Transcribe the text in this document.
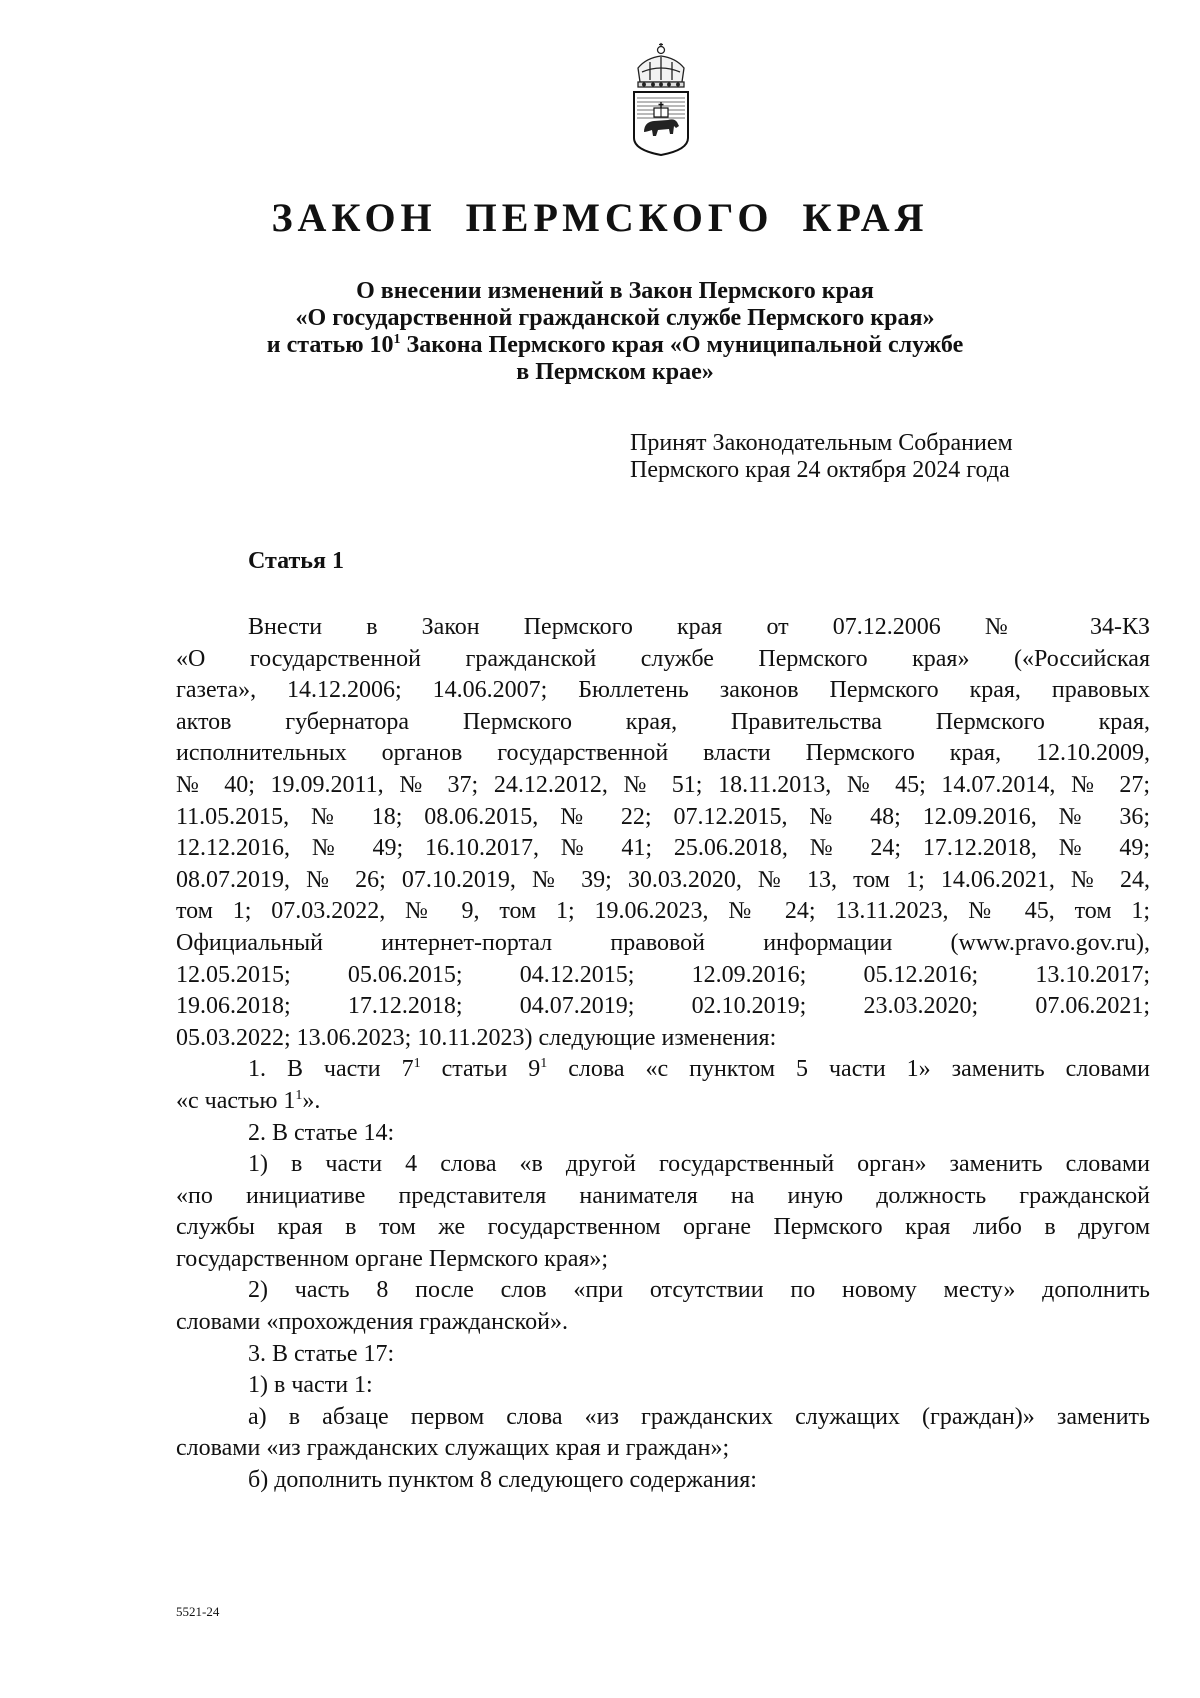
ЗАКОН ПЕРМСКОГО КРАЯ
О внесении изменений в Закон Пермского края
«О государственной гражданской службе Пермского края»
и статью $10^1$ Закона Пермского края «О муниципальной службе
в Пермском крае»
Принят Законодательным Собранием
Пермского края 24 октября 2024 года
Статья 1
Внести в Закон Пермского края от 07.12.2006 № 34-КЗ
«О государственной гражданской службе Пермского края» («Российская
газета», 14.12.2006; 14.06.2007; Бюллетень законов Пермского края, правовых
актов губернатора Пермского края, Правительства Пермского края,
исполнительных органов государственной власти Пермского края, 12.10.2009,
№ 40; 19.09.2011, № 37; 24.12.2012, № 51; 18.11.2013, № 45; 14.07.2014, № 27;
11.05.2015, № 18; 08.06.2015, № 22; 07.12.2015, № 48; 12.09.2016, № 36;
12.12.2016, № 49; 16.10.2017, № 41; 25.06.2018, № 24; 17.12.2018, № 49;
08.07.2019, № 26; 07.10.2019, № 39; 30.03.2020, № 13, том 1; 14.06.2021, № 24,
том 1; 07.03.2022, № 9, том 1; 19.06.2023, № 24; 13.11.2023, № 45, том 1;
Официальный интернет-портал правовой информации (www.pravo.gov.ru),
12.05.2015; 05.06.2015; 04.12.2015; 12.09.2016; 05.12.2016; 13.10.2017;
19.06.2018; 17.12.2018; 04.07.2019; 02.10.2019; 23.03.2020; 07.06.2021;
05.03.2022; 13.06.2023; 10.11.2023) следующие изменения:
1. В части $7^1$ статьи $9^1$ слова «с пунктом 5 части 1» заменить словами
«с частью $1^1$».
2. В статье 14:
1) в части 4 слова «в другой государственный орган» заменить словами
«по инициативе представителя нанимателя на иную должность гражданской
службы края в том же государственном органе Пермского края либо в другом
государственном органе Пермского края»;
2) часть 8 после слов «при отсутствии по новому месту» дополнить
словами «прохождения гражданской».
3. В статье 17:
1) в части 1:
а) в абзаце первом слова «из гражданских служащих (граждан)» заменить
словами «из гражданских служащих края и граждан»;
б) дополнить пунктом 8 следующего содержания:
5521-24
